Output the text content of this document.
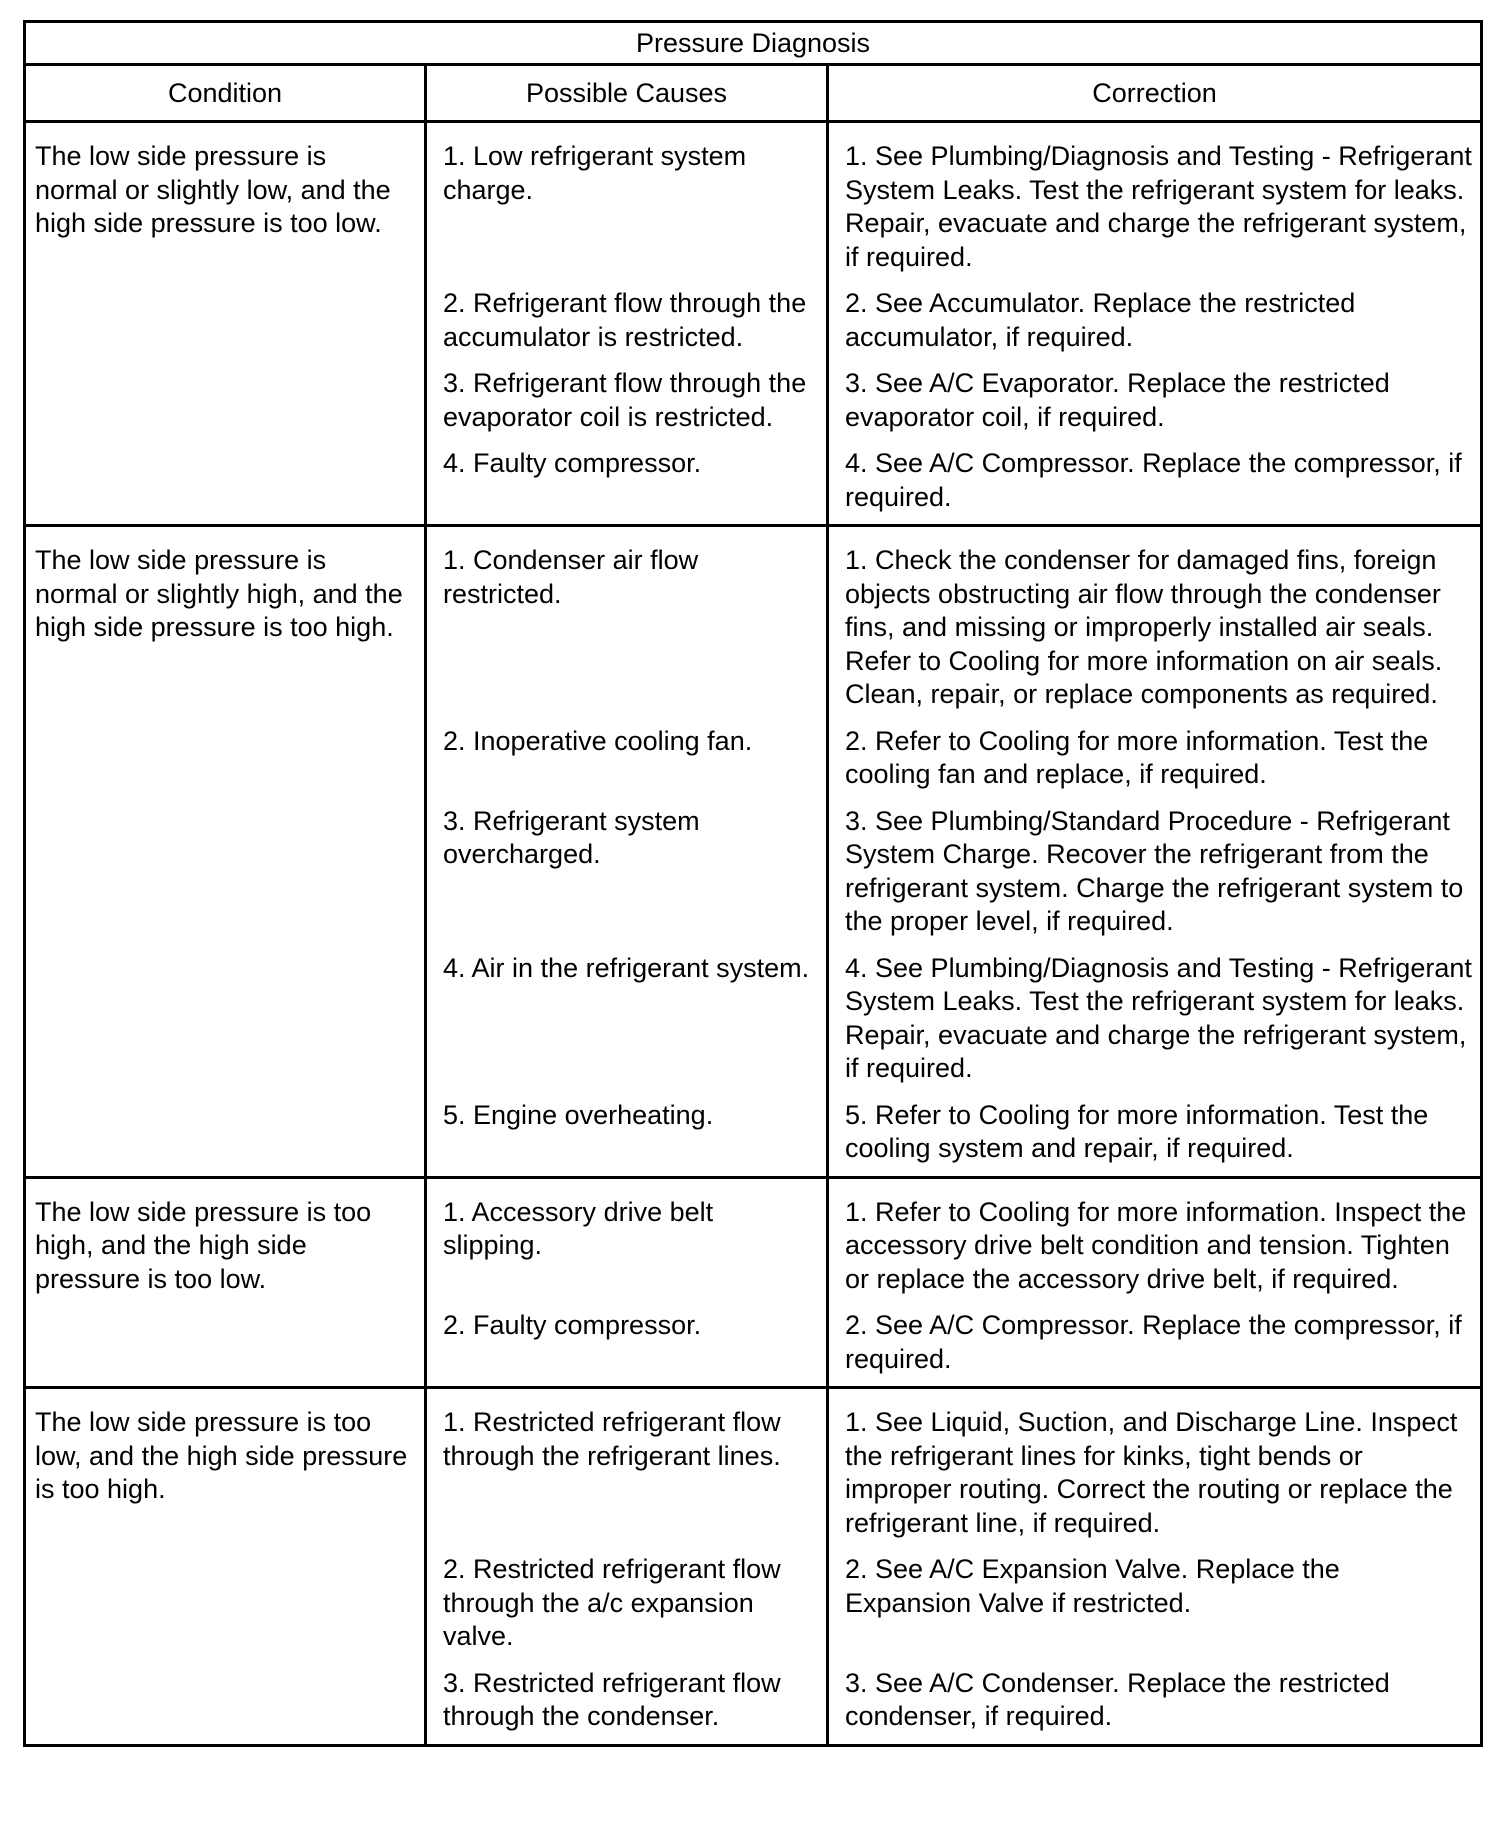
Pressure Diagnosis		
Condition	Possible Causes	Correction
The low side pressure is normal or slightly low, and the high side pressure is too low.	1. Low refrigerant system charge.	1. See Plumbing/Diagnosis and Testing - Refrigerant System Leaks. Test the refrigerant system for leaks. Repair, evacuate and charge the refrigerant system, if required.
	2. Refrigerant flow through the accumulator is restricted.	2. See Accumulator. Replace the restricted accumulator, if required.
	3. Refrigerant flow through the evaporator coil is restricted.	3. See A/C Evaporator. Replace the restricted evaporator coil, if required.
	4. Faulty compressor.	4. See A/C Compressor. Replace the compressor, if required.
The low side pressure is normal or slightly high, and the high side pressure is too high.	1. Condenser air flow restricted.	1. Check the condenser for damaged fins, foreign objects obstructing air flow through the condenser fins, and missing or improperly installed air seals. Refer to Cooling for more information on air seals. Clean, repair, or replace components as required.
	2. Inoperative cooling fan.	2. Refer to Cooling for more information. Test the cooling fan and replace, if required.
	3. Refrigerant system overcharged.	3. See Plumbing/Standard Procedure - Refrigerant System Charge. Recover the refrigerant from the refrigerant system. Charge the refrigerant system to the proper level, if required.
	4. Air in the refrigerant system.	4. See Plumbing/Diagnosis and Testing - Refrigerant System Leaks. Test the refrigerant system for leaks. Repair, evacuate and charge the refrigerant system, if required.
	5. Engine overheating.	5. Refer to Cooling for more information. Test the cooling system and repair, if required.
The low side pressure is too high, and the high side pressure is too low.	1. Accessory drive belt slipping.	1. Refer to Cooling for more information. Inspect the accessory drive belt condition and tension. Tighten or replace the accessory drive belt, if required.
	2. Faulty compressor.	2. See A/C Compressor. Replace the compressor, if required.
The low side pressure is too low, and the high side pressure is too high.	1. Restricted refrigerant flow through the refrigerant lines.	1. See Liquid, Suction, and Discharge Line. Inspect the refrigerant lines for kinks, tight bends or improper routing. Correct the routing or replace the refrigerant line, if required.
	2. Restricted refrigerant flow through the a/c expansion valve.	2. See A/C Expansion Valve. Replace the Expansion Valve if restricted.
	3. Restricted refrigerant flow through the condenser.	3. See A/C Condenser. Replace the restricted condenser, if required.
